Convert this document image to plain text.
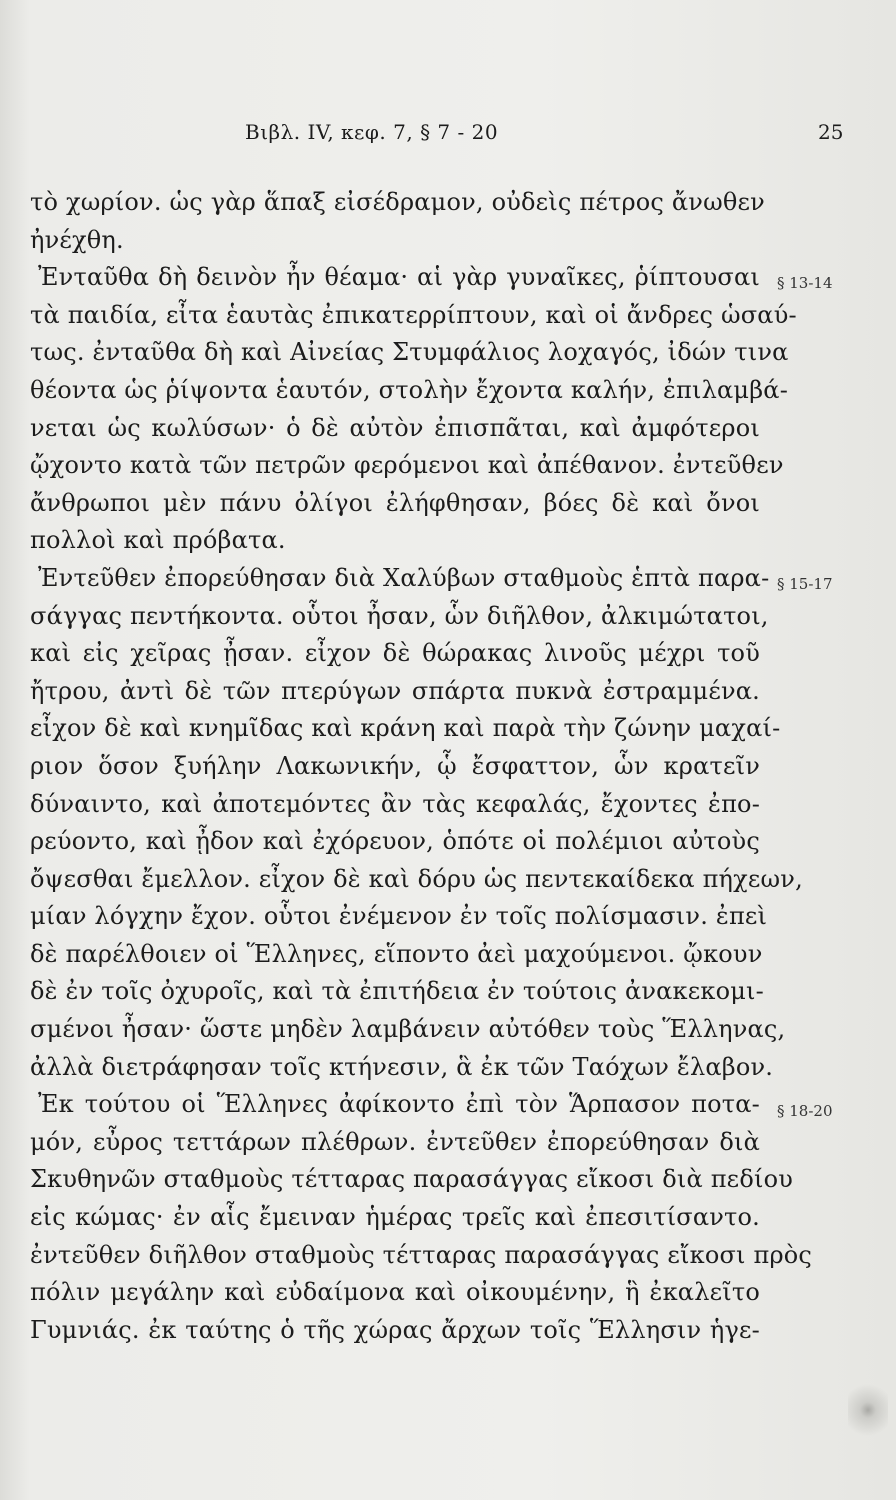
Βιβλ. IV, κεφ. 7, § 7 - 20	25
τὸ χωρίον. ὡς γὰρ ἅπαξ εἰσέδραμον, οὐδεὶς πέτρος ἄνωθεν
ἠνέχθη.
Ἐνταῦθα δὴ δεινὸν ἦν θέαμα· αἱ γὰρ γυναῖκες, ῥίπτουσαι
τὰ παιδία, εἶτα ἑαυτὰς ἐπικατερρίπτουν, καὶ οἱ ἄνδρες ὡσαύ-
τως. ἐνταῦθα δὴ καὶ Αἰνείας Στυμφάλιος λοχαγός, ἰδών τινα
θέοντα ὡς ῥίψοντα ἑαυτόν, στολὴν ἔχοντα καλήν, ἐπιλαμβά-
νεται ὡς κωλύσων· ὁ δὲ αὐτὸν ἐπισπᾶται, καὶ ἀμφότεροι
ᾤχοντο κατὰ τῶν πετρῶν φερόμενοι καὶ ἀπέθανον. ἐντεῦθεν
ἄνθρωποι μὲν πάνυ ὀλίγοι ἐλήφθησαν, βόες δὲ καὶ ὄνοι
πολλοὶ καὶ πρόβατα.
Ἐντεῦθεν ἐπορεύθησαν διὰ Χαλύβων σταθμοὺς ἑπτὰ παρα-
σάγγας πεντήκοντα. οὗτοι ἦσαν, ὧν διῆλθον, ἀλκιμώτατοι,
καὶ εἰς χεῖρας ᾖσαν. εἶχον δὲ θώρακας λινοῦς μέχρι τοῦ
ἤτρου, ἀντὶ δὲ τῶν πτερύγων σπάρτα πυκνὰ ἐστραμμένα.
εἶχον δὲ καὶ κνημῖδας καὶ κράνη καὶ παρὰ τὴν ζώνην μαχαί-
ριον ὅσον ξυήλην Λακωνικήν, ᾧ ἔσφαττον, ὧν κρατεῖν
δύναιντο, καὶ ἀποτεμόντες ἂν τὰς κεφαλάς, ἔχοντες ἐπο-
ρεύοντο, καὶ ᾖδον καὶ ἐχόρευον, ὁπότε οἱ πολέμιοι αὐτοὺς
ὄψεσθαι ἔμελλον. εἶχον δὲ καὶ δόρυ ὡς πεντεκαίδεκα πήχεων,
μίαν λόγχην ἔχον. οὗτοι ἐνέμενον ἐν τοῖς πολίσμασιν. ἐπεὶ
δὲ παρέλθοιεν οἱ Ἕλληνες, εἵποντο ἀεὶ μαχούμενοι. ᾤκουν
δὲ ἐν τοῖς ὀχυροῖς, καὶ τὰ ἐπιτήδεια ἐν τούτοις ἀνακεκομι-
σμένοι ἦσαν· ὥστε μηδὲν λαμβάνειν αὐτόθεν τοὺς Ἕλληνας,
ἀλλὰ διετράφησαν τοῖς κτήνεσιν, ἃ ἐκ τῶν Ταόχων ἔλαβον.
Ἐκ τούτου οἱ Ἕλληνες ἀφίκοντο ἐπὶ τὸν Ἅρπασον ποτα-
μόν, εὖρος τεττάρων πλέθρων. ἐντεῦθεν ἐπορεύθησαν διὰ
Σκυθηνῶν σταθμοὺς τέτταρας παρασάγγας εἴκοσι διὰ πεδίου
εἰς κώμας· ἐν αἷς ἔμειναν ἡμέρας τρεῖς καὶ ἐπεσιτίσαντο.
ἐντεῦθεν διῆλθον σταθμοὺς τέτταρας παρασάγγας εἴκοσι πρὸς
πόλιν μεγάλην καὶ εὐδαίμονα καὶ οἰκουμένην, ἣ ἐκαλεῖτο
Γυμνιάς. ἐκ ταύτης ὁ τῆς χώρας ἄρχων τοῖς Ἕλλησιν ἡγε-
§ 13-14
§ 15-17
§ 18-20
